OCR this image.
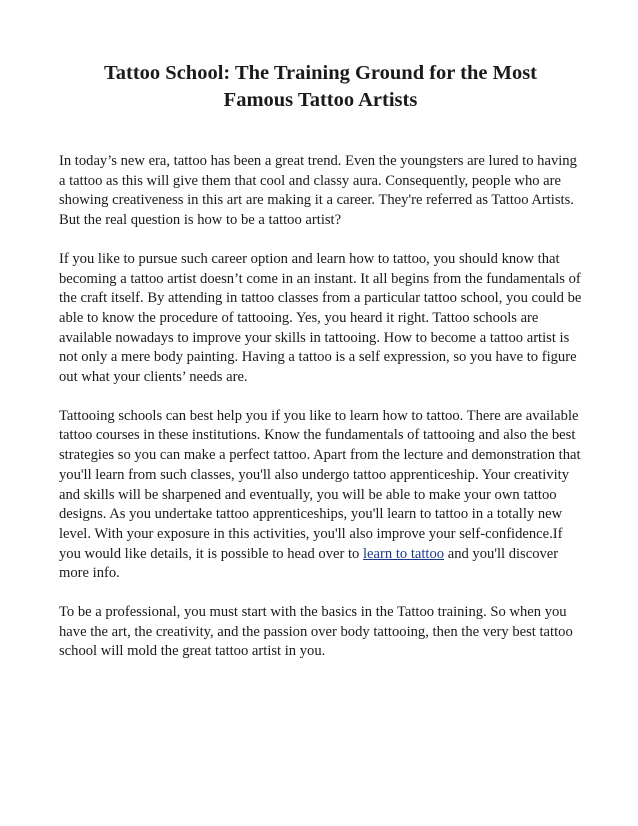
Tattoo School: The Training Ground for the Most Famous Tattoo Artists

In today’s new era, tattoo has been a great trend. Even the youngsters are lured to having a tattoo as this will give them that cool and classy aura. Consequently, people who are showing creativeness in this art are making it a career. They're referred as Tattoo Artists. But the real question is how to be a tattoo artist?

If you like to pursue such career option and learn how to tattoo, you should know that becoming a tattoo artist doesn’t come in an instant. It all begins from the fundamentals of the craft itself. By attending in tattoo classes from a particular tattoo school, you could be able to know the procedure of tattooing. Yes, you heard it right. Tattoo schools are available nowadays to improve your skills in tattooing. How to become a tattoo artist is not only a mere body painting. Having a tattoo is a self expression, so you have to figure out what your clients’ needs are.

Tattooing schools can best help you if you like to learn how to tattoo. There are available tattoo courses in these institutions. Know the fundamentals of tattooing and also the best strategies so you can make a perfect tattoo. Apart from the lecture and demonstration that you'll learn from such classes, you'll also undergo tattoo apprenticeship. Your creativity and skills will be sharpened and eventually, you will be able to make your own tattoo designs. As you undertake tattoo apprenticeships, you'll learn to tattoo in a totally new level. With your exposure in this activities, you'll also improve your self-confidence.If you would like details, it is possible to head over to learn to tattoo and you'll discover more info.

To be a professional, you must start with the basics in the Tattoo training. So when you have the art, the creativity, and the passion over body tattooing, then the very best tattoo school will mold the great tattoo artist in you.
